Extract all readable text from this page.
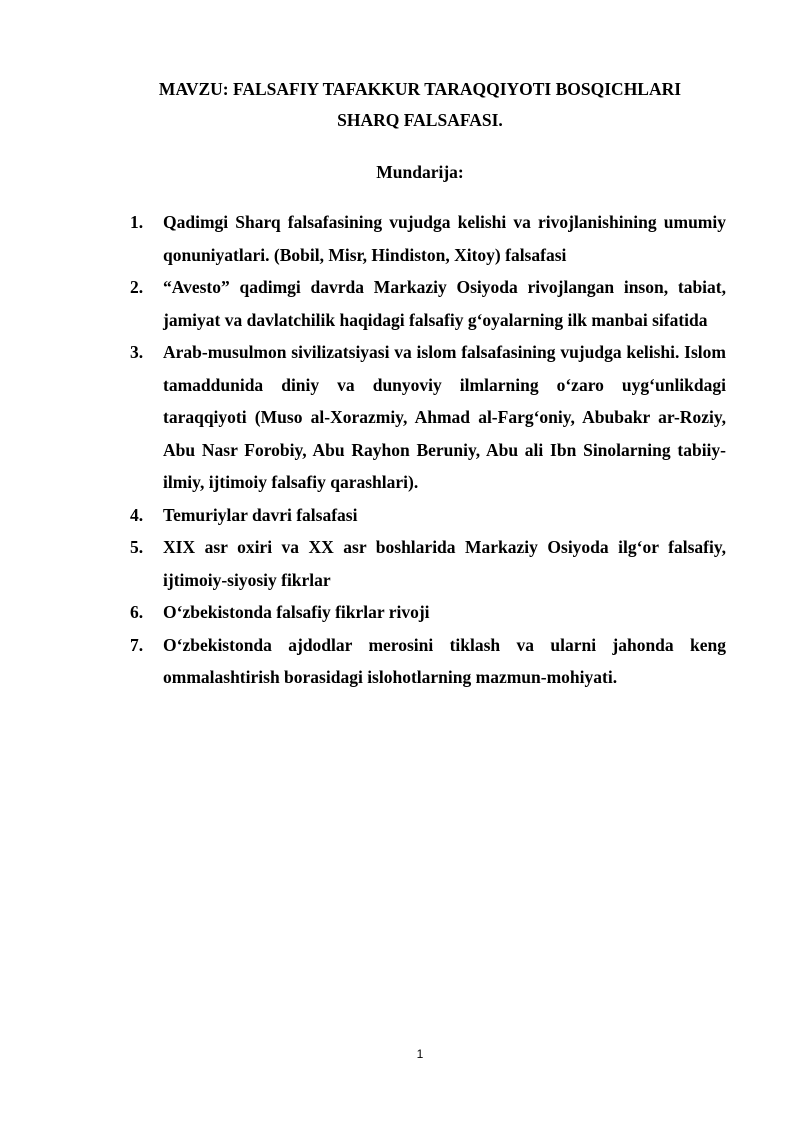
MAVZU: FALSAFIY TAFAKKUR TARAQQIYOTI BOSQICHLARI
SHARQ FALSAFASI.
Mundarija:
1.	Qadimgi Sharq falsafasining vujudga kelishi va rivojlanishining umumiy qonuniyatlari. (Bobil, Misr, Hindiston, Xitoy) falsafasi
2.	“Avesto” qadimgi davrda Markaziy Osiyoda rivojlangan inson, tabiat, jamiyat va davlatchilik haqidagi falsafiy g‘oyalarning ilk manbai sifatida
3.	Arab-musulmon sivilizatsiyasi va islom falsafasining vujudga kelishi. Islom tamaddunida diniy va dunyoviy ilmlarning o‘zaro uyg‘unlikdagi taraqqiyoti (Muso al-Xorazmiy, Ahmad al-Farg‘oniy, Abubakr ar-Roziy, Abu Nasr Forobiy, Abu Rayhon Beruniy, Abu ali Ibn Sinolarning tabiiy-ilmiy, ijtimoiy falsafiy qarashlari).
4.	Temuriylar davri falsafasi
5.	XIX asr oxiri va XX asr boshlarida Markaziy Osiyoda ilg‘or falsafiy, ijtimoiy-siyosiy fikrlar
6.	O‘zbekistonda falsafiy fikrlar rivoji
7.	O‘zbekistonda ajdodlar merosini tiklash va ularni jahonda keng ommalashtirish borasidagi islohotlarning mazmun-mohiyati.
1
